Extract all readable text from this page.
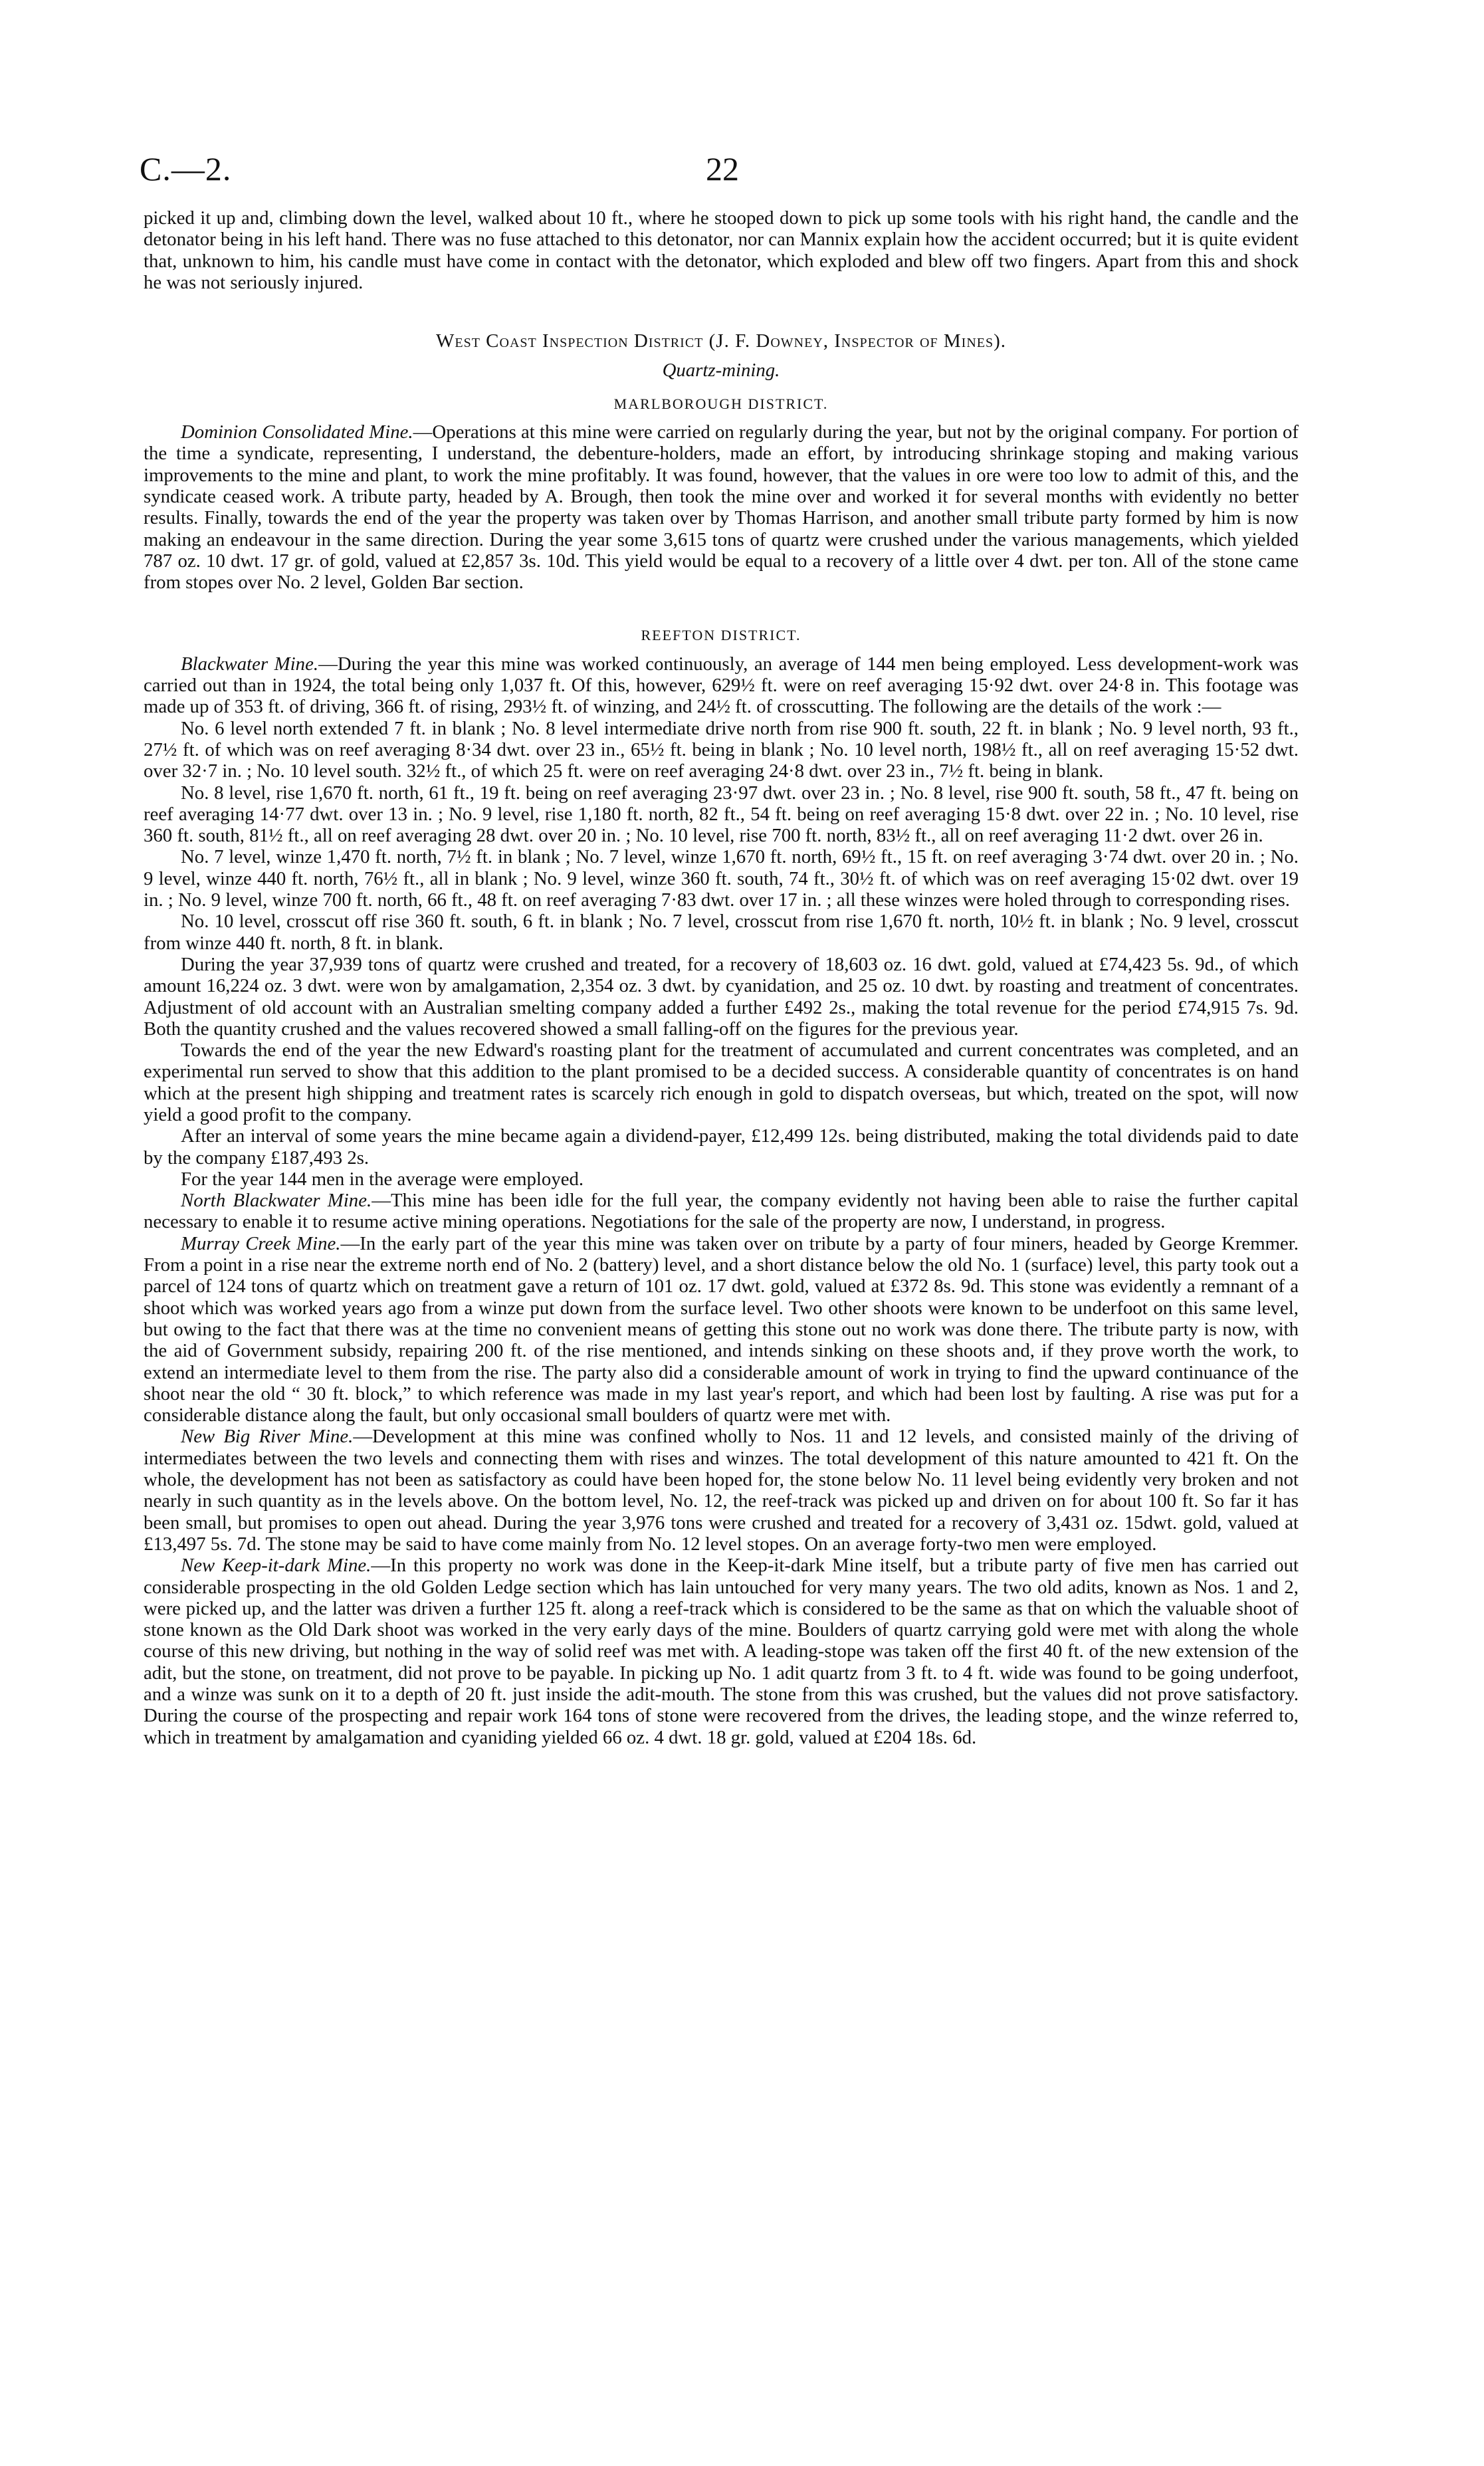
C.—2.	22

picked it up and, climbing down the level, walked about 10 ft., where he stooped down to pick up some tools with his right hand, the candle and the detonator being in his left hand. There was no fuse attached to this detonator, nor can Mannix explain how the accident occurred; but it is quite evident that, unknown to him, his candle must have come in contact with the detonator, which exploded and blew off two fingers. Apart from this and shock he was not seriously injured.

West Coast Inspection District (J. F. Downey, Inspector of Mines).

Quartz-mining.

MARLBOROUGH DISTRICT.

Dominion Consolidated Mine.—Operations at this mine were carried on regularly during the year, but not by the original company. For portion of the time a syndicate, representing, I understand, the debenture-holders, made an effort, by introducing shrinkage stoping and making various improvements to the mine and plant, to work the mine profitably. It was found, however, that the values in ore were too low to admit of this, and the syndicate ceased work. A tribute party, headed by A. Brough, then took the mine over and worked it for several months with evidently no better results. Finally, towards the end of the year the property was taken over by Thomas Harrison, and another small tribute party formed by him is now making an endeavour in the same direction. During the year some 3,615 tons of quartz were crushed under the various managements, which yielded 787 oz. 10 dwt. 17 gr. of gold, valued at £2,857 3s. 10d. This yield would be equal to a recovery of a little over 4 dwt. per ton. All of the stone came from stopes over No. 2 level, Golden Bar section.

REEFTON DISTRICT.

Blackwater Mine.—During the year this mine was worked continuously, an average of 144 men being employed. Less development-work was carried out than in 1924, the total being only 1,037 ft. Of this, however, 629½ ft. were on reef averaging 15·92 dwt. over 24·8 in. This footage was made up of 353 ft. of driving, 366 ft. of rising, 293½ ft. of winzing, and 24½ ft. of crosscutting. The following are the details of the work :—

No. 6 level north extended 7 ft. in blank ; No. 8 level intermediate drive north from rise 900 ft. south, 22 ft. in blank ; No. 9 level north, 93 ft., 27½ ft. of which was on reef averaging 8·34 dwt. over 23 in., 65½ ft. being in blank ; No. 10 level north, 198½ ft., all on reef averaging 15·52 dwt. over 32·7 in. ; No. 10 level south. 32½ ft., of which 25 ft. were on reef averaging 24·8 dwt. over 23 in., 7½ ft. being in blank.

No. 8 level, rise 1,670 ft. north, 61 ft., 19 ft. being on reef averaging 23·97 dwt. over 23 in. ; No. 8 level, rise 900 ft. south, 58 ft., 47 ft. being on reef averaging 14·77 dwt. over 13 in. ; No. 9 level, rise 1,180 ft. north, 82 ft., 54 ft. being on reef averaging 15·8 dwt. over 22 in. ; No. 10 level, rise 360 ft. south, 81½ ft., all on reef averaging 28 dwt. over 20 in. ; No. 10 level, rise 700 ft. north, 83½ ft., all on reef averaging 11·2 dwt. over 26 in.

No. 7 level, winze 1,470 ft. north, 7½ ft. in blank ; No. 7 level, winze 1,670 ft. north, 69½ ft., 15 ft. on reef averaging 3·74 dwt. over 20 in. ; No. 9 level, winze 440 ft. north, 76½ ft., all in blank ; No. 9 level, winze 360 ft. south, 74 ft., 30½ ft. of which was on reef averaging 15·02 dwt. over 19 in. ; No. 9 level, winze 700 ft. north, 66 ft., 48 ft. on reef averaging 7·83 dwt. over 17 in. ; all these winzes were holed through to corresponding rises.

No. 10 level, crosscut off rise 360 ft. south, 6 ft. in blank ; No. 7 level, crosscut from rise 1,670 ft. north, 10½ ft. in blank ; No. 9 level, crosscut from winze 440 ft. north, 8 ft. in blank.

During the year 37,939 tons of quartz were crushed and treated, for a recovery of 18,603 oz. 16 dwt. gold, valued at £74,423 5s. 9d., of which amount 16,224 oz. 3 dwt. were won by amalgamation, 2,354 oz. 3 dwt. by cyanidation, and 25 oz. 10 dwt. by roasting and treatment of concentrates. Adjustment of old account with an Australian smelting company added a further £492 2s., making the total revenue for the period £74,915 7s. 9d. Both the quantity crushed and the values recovered showed a small falling-off on the figures for the previous year.

Towards the end of the year the new Edward's roasting plant for the treatment of accumulated and current concentrates was completed, and an experimental run served to show that this addition to the plant promised to be a decided success. A considerable quantity of concentrates is on hand which at the present high shipping and treatment rates is scarcely rich enough in gold to dispatch overseas, but which, treated on the spot, will now yield a good profit to the company.

After an interval of some years the mine became again a dividend-payer, £12,499 12s. being distributed, making the total dividends paid to date by the company £187,493 2s.

For the year 144 men in the average were employed.

North Blackwater Mine.—This mine has been idle for the full year, the company evidently not having been able to raise the further capital necessary to enable it to resume active mining operations. Negotiations for the sale of the property are now, I understand, in progress.

Murray Creek Mine.—In the early part of the year this mine was taken over on tribute by a party of four miners, headed by George Kremmer. From a point in a rise near the extreme north end of No. 2 (battery) level, and a short distance below the old No. 1 (surface) level, this party took out a parcel of 124 tons of quartz which on treatment gave a return of 101 oz. 17 dwt. gold, valued at £372 8s. 9d. This stone was evidently a remnant of a shoot which was worked years ago from a winze put down from the surface level. Two other shoots were known to be underfoot on this same level, but owing to the fact that there was at the time no convenient means of getting this stone out no work was done there. The tribute party is now, with the aid of Government subsidy, repairing 200 ft. of the rise mentioned, and intends sinking on these shoots and, if they prove worth the work, to extend an intermediate level to them from the rise. The party also did a considerable amount of work in trying to find the upward continuance of the shoot near the old “ 30 ft. block,” to which reference was made in my last year's report, and which had been lost by faulting. A rise was put for a considerable distance along the fault, but only occasional small boulders of quartz were met with.

New Big River Mine.—Development at this mine was confined wholly to Nos. 11 and 12 levels, and consisted mainly of the driving of intermediates between the two levels and connecting them with rises and winzes. The total development of this nature amounted to 421 ft. On the whole, the development has not been as satisfactory as could have been hoped for, the stone below No. 11 level being evidently very broken and not nearly in such quantity as in the levels above. On the bottom level, No. 12, the reef-track was picked up and driven on for about 100 ft. So far it has been small, but promises to open out ahead. During the year 3,976 tons were crushed and treated for a recovery of 3,431 oz. 15dwt. gold, valued at £13,497 5s. 7d. The stone may be said to have come mainly from No. 12 level stopes. On an average forty-two men were employed.

New Keep-it-dark Mine.—In this property no work was done in the Keep-it-dark Mine itself, but a tribute party of five men has carried out considerable prospecting in the old Golden Ledge section which has lain untouched for very many years. The two old adits, known as Nos. 1 and 2, were picked up, and the latter was driven a further 125 ft. along a reef-track which is considered to be the same as that on which the valuable shoot of stone known as the Old Dark shoot was worked in the very early days of the mine. Boulders of quartz carrying gold were met with along the whole course of this new driving, but nothing in the way of solid reef was met with. A leading-stope was taken off the first 40 ft. of the new extension of the adit, but the stone, on treatment, did not prove to be payable. In picking up No. 1 adit quartz from 3 ft. to 4 ft. wide was found to be going underfoot, and a winze was sunk on it to a depth of 20 ft. just inside the adit-mouth. The stone from this was crushed, but the values did not prove satisfactory. During the course of the prospecting and repair work 164 tons of stone were recovered from the drives, the leading stope, and the winze referred to, which in treatment by amalgamation and cyaniding yielded 66 oz. 4 dwt. 18 gr. gold, valued at £204 18s. 6d.
